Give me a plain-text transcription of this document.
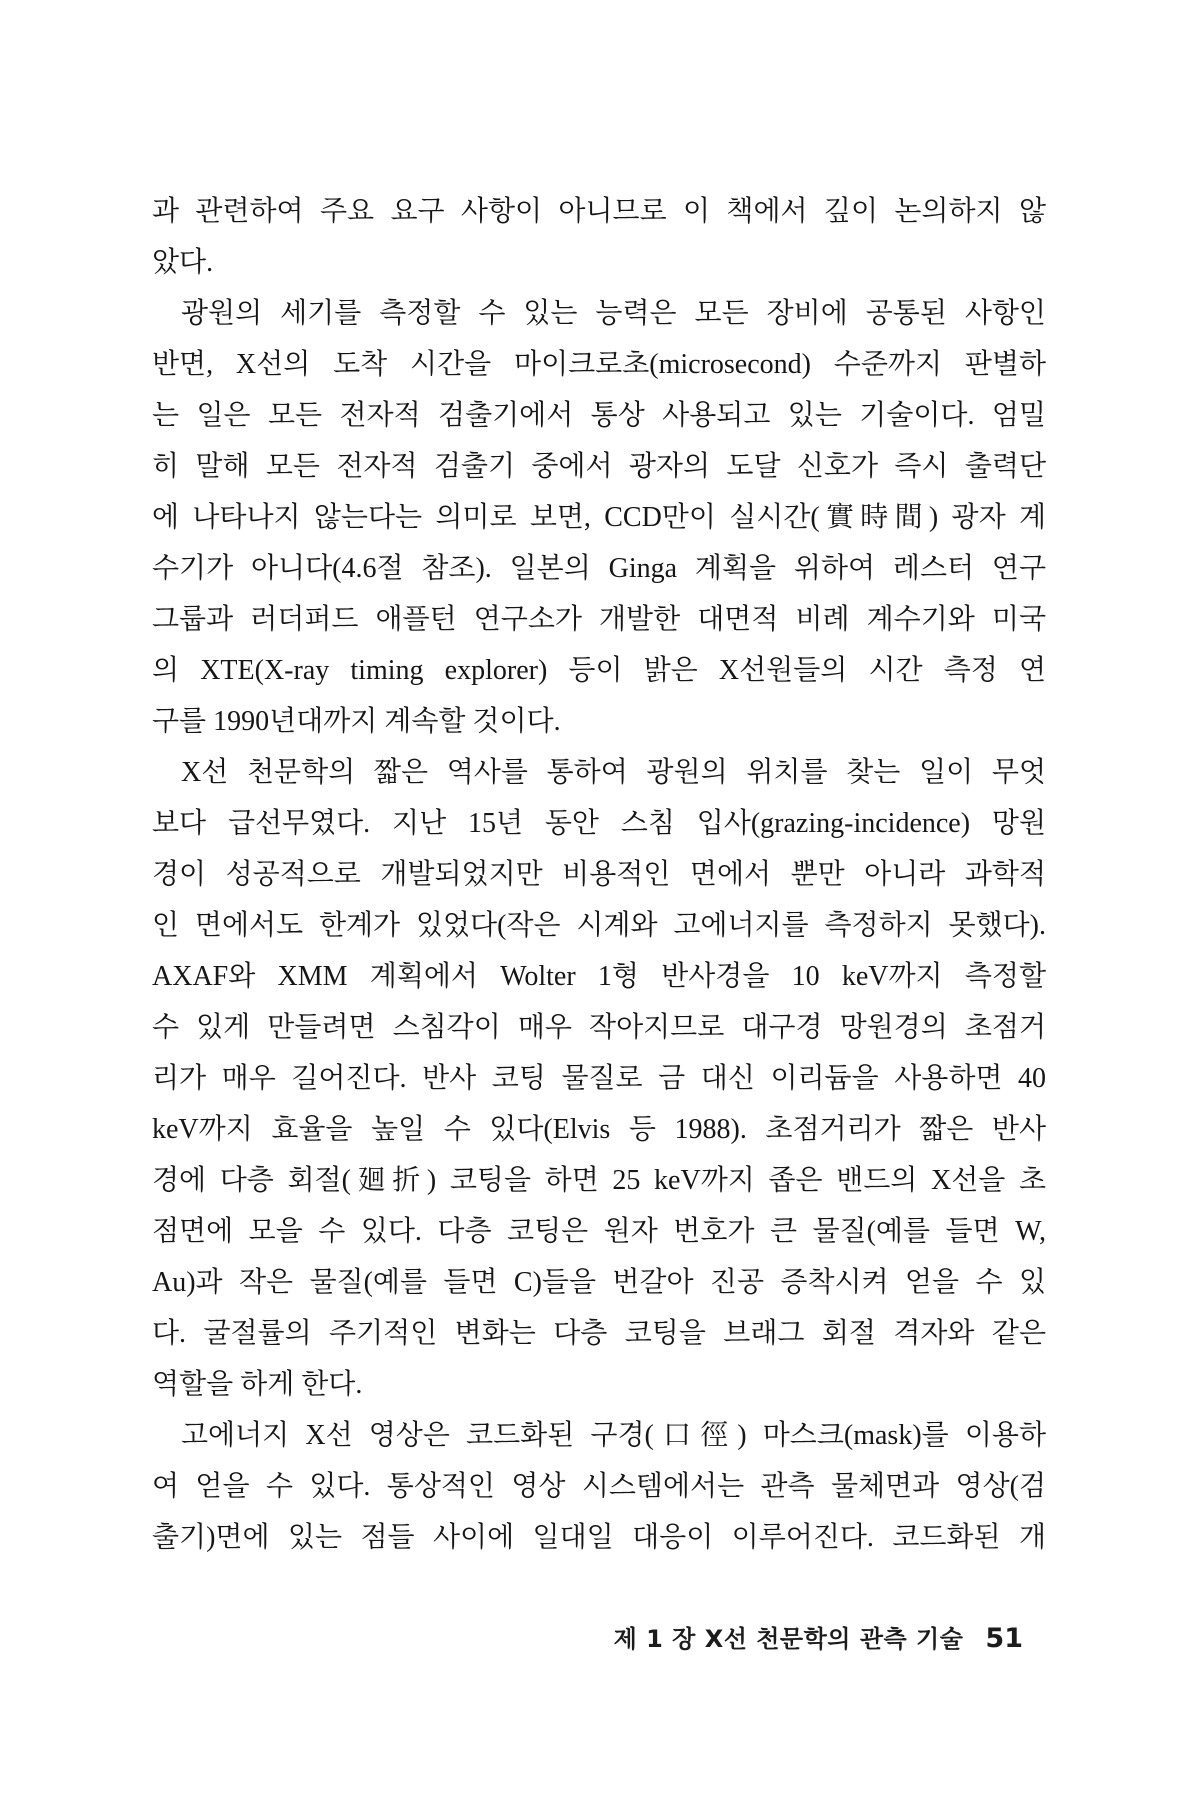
과 관련하여 주요 요구 사항이 아니므로 이 책에서 깊이 논의하지 않
았다.
광원의 세기를 측정할 수 있는 능력은 모든 장비에 공통된 사항인
반면, X선의 도착 시간을 마이크로초(microsecond) 수준까지 판별하
는 일은 모든 전자적 검출기에서 통상 사용되고 있는 기술이다. 엄밀
히 말해 모든 전자적 검출기 중에서 광자의 도달 신호가 즉시 출력단
에 나타나지 않는다는 의미로 보면, CCD만이 실시간(實時間) 광자 계
수기가 아니다(4.6절 참조). 일본의 Ginga 계획을 위하여 레스터 연구
그룹과 러더퍼드 애플턴 연구소가 개발한 대면적 비례 계수기와 미국
의 XTE(X-ray timing explorer) 등이 밝은 X선원들의 시간 측정 연
구를 1990년대까지 계속할 것이다.
X선 천문학의 짧은 역사를 통하여 광원의 위치를 찾는 일이 무엇
보다 급선무였다. 지난 15년 동안 스침 입사(grazing-incidence) 망원
경이 성공적으로 개발되었지만 비용적인 면에서 뿐만 아니라 과학적
인 면에서도 한계가 있었다(작은 시계와 고에너지를 측정하지 못했다).
AXAF와 XMM 계획에서 Wolter 1형 반사경을 10 keV까지 측정할
수 있게 만들려면 스침각이 매우 작아지므로 대구경 망원경의 초점거
리가 매우 길어진다. 반사 코팅 물질로 금 대신 이리듐을 사용하면 40
keV까지 효율을 높일 수 있다(Elvis 등 1988). 초점거리가 짧은 반사
경에 다층 회절(廻折) 코팅을 하면 25 keV까지 좁은 밴드의 X선을 초
점면에 모을 수 있다. 다층 코팅은 원자 번호가 큰 물질(예를 들면 W,
Au)과 작은 물질(예를 들면 C)들을 번갈아 진공 증착시켜 얻을 수 있
다. 굴절률의 주기적인 변화는 다층 코팅을 브래그 회절 격자와 같은
역할을 하게 한다.
고에너지 X선 영상은 코드화된 구경(口徑) 마스크(mask)를 이용하
여 얻을 수 있다. 통상적인 영상 시스템에서는 관측 물체면과 영상(검
출기)면에 있는 점들 사이에 일대일 대응이 이루어진다. 코드화된 개
제 1 장 X선 천문학의 관측 기술 51
